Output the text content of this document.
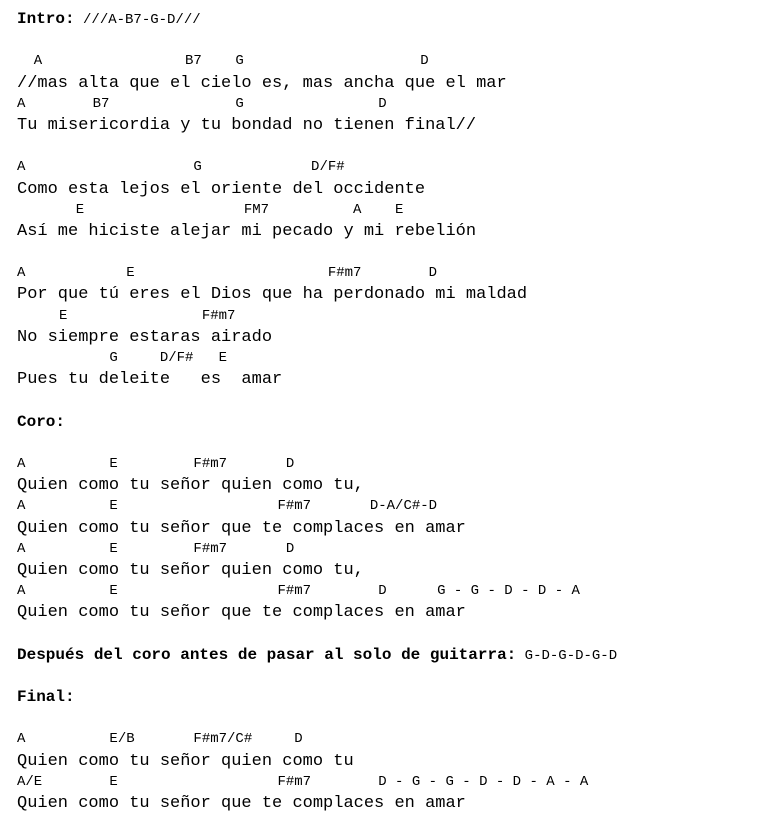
Intro: ///A-B7-G-D///
A                 B7    G                     D
//mas alta que el cielo es, mas ancha que el mar
A        B7               G                D
Tu misericordia y tu bondad no tienen final//
A                    G             D/F#
Como esta lejos el oriente del occidente
E                   FM7          A    E
Así me hiciste alejar mi pecado y mi rebelión
A            E                       F#m7        D
Por que tú eres el Dios que ha perdonado mi maldad
E                F#m7
No siempre estaras airado
G     D/F#   E
Pues tu deleite   es  amar
Coro:
A          E         F#m7       D
Quien como tu señor quien como tu,
A          E                   F#m7       D-A/C#-D
Quien como tu señor que te complaces en amar
A          E         F#m7       D
Quien como tu señor quien como tu,
A          E                   F#m7        D      G - G - D - D - A
Quien como tu señor que te complaces en amar
Después del coro antes de pasar al solo de guitarra: G-D-G-D-G-D
Final:
A          E/B       F#m7/C#     D
Quien como tu señor quien como tu
A/E        E                   F#m7        D - G - G - D - D - A - A
Quien como tu señor que te complaces en amar
